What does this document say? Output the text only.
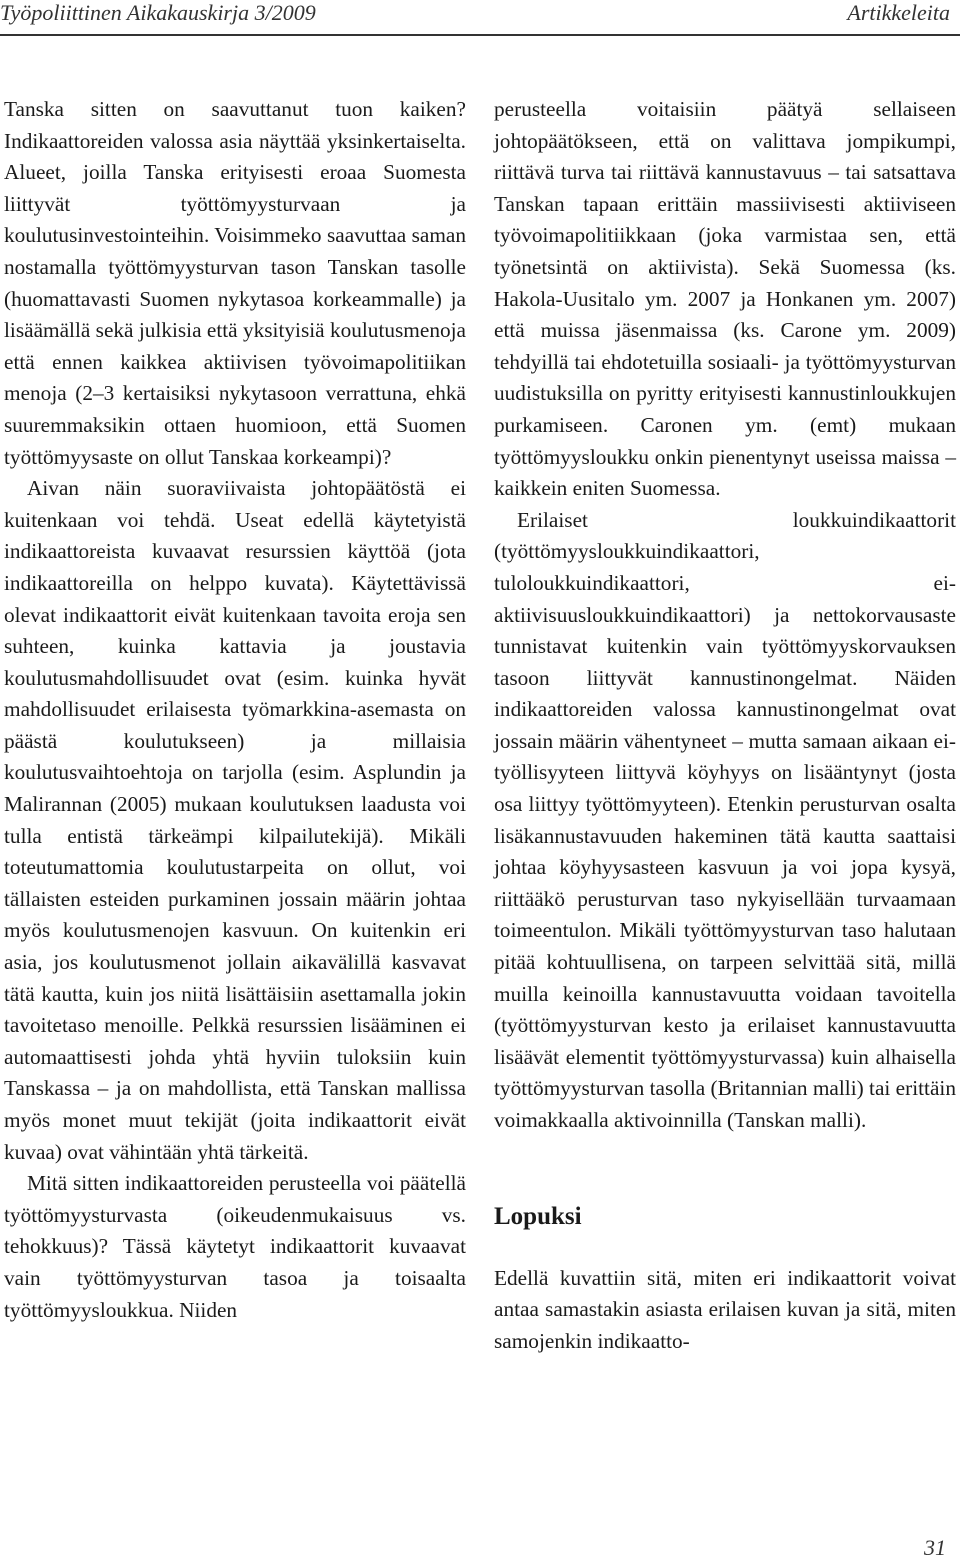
Työpoliittinen Aikakauskirja 3/2009	Artikkeleita

Tanska sitten on saavuttanut tuon kaiken? Indikaattoreiden valossa asia näyttää yksinkertaiselta. Alueet, joilla Tanska erityisesti eroaa Suomesta liittyvät työttömyysturvaan ja koulutusinvestointeihin. Voisimmeko saavuttaa saman nostamalla työttömyysturvan tason Tanskan tasolle (huomattavasti Suomen nykytasoa korkeammalle) ja lisäämällä sekä julkisia että yksityisiä koulutusmenoja että ennen kaikkea aktiivisen työvoimapolitiikan menoja (2–3 kertaisiksi nykytasoon verrattuna, ehkä suuremmaksikin ottaen huomioon, että Suomen työttömyysaste on ollut Tanskaa korkeampi)?

Aivan näin suoraviivaista johtopäätöstä ei kuitenkaan voi tehdä. Useat edellä käytetyistä indikaattoreista kuvaavat resurssien käyttöä (jota indikaattoreilla on helppo kuvata). Käytettävissä olevat indikaattorit eivät kuitenkaan tavoita eroja sen suhteen, kuinka kattavia ja joustavia koulutusmahdollisuudet ovat (esim. kuinka hyvät mahdollisuudet erilaisesta työmarkkina-asemasta on päästä koulutukseen) ja millaisia koulutusvaihtoehtoja on tarjolla (esim. Asplundin ja Malirannan (2005) mukaan koulutuksen laadusta voi tulla entistä tärkeämpi kilpailutekijä). Mikäli toteutumattomia koulutustarpeita on ollut, voi tällaisten esteiden purkaminen jossain määrin johtaa myös koulutusmenojen kasvuun. On kuitenkin eri asia, jos koulutusmenot jollain aikavälillä kasvavat tätä kautta, kuin jos niitä lisättäisiin asettamalla jokin tavoitetaso menoille. Pelkkä resurssien lisääminen ei automaattisesti johda yhtä hyviin tuloksiin kuin Tanskassa – ja on mahdollista, että Tanskan mallissa myös monet muut tekijät (joita indikaattorit eivät kuvaa) ovat vähintään yhtä tärkeitä.

Mitä sitten indikaattoreiden perusteella voi päätellä työttömyysturvasta (oikeudenmukaisuus vs. tehokkuus)? Tässä käytetyt indikaattorit kuvaavat vain työttömyysturvan tasoa ja toisaalta työttömyysloukkua. Niiden

perusteella voitaisiin päätyä sellaiseen johtopäätökseen, että on valittava jompikumpi, riittävä turva tai riittävä kannustavuus – tai satsattava Tanskan tapaan erittäin massiivisesti aktiiviseen työvoimapolitiikkaan (joka varmistaa sen, että työnetsintä on aktiivista). Sekä Suomessa (ks. Hakola-Uusitalo ym. 2007 ja Honkanen ym. 2007) että muissa jäsenmaissa (ks. Carone ym. 2009) tehdyillä tai ehdotetuilla sosiaali- ja työttömyysturvan uudistuksilla on pyritty erityisesti kannustinloukkujen purkamiseen. Caronen ym. (emt) mukaan työttömyysloukku onkin pienentynyt useissa maissa – kaikkein eniten Suomessa.

Erilaiset loukkuindikaattorit (työttömyysloukkuindikaattori, tuloloukkuindikaattori, ei-aktiivisuusloukkuindikaattori) ja nettokorvausaste tunnistavat kuitenkin vain työttömyyskorvauksen tasoon liittyvät kannustinongelmat. Näiden indikaattoreiden valossa kannustinongelmat ovat jossain määrin vähentyneet – mutta samaan aikaan ei-työllisyyteen liittyvä köyhyys on lisääntynyt (josta osa liittyy työttömyyteen). Etenkin perusturvan osalta lisäkannustavuuden hakeminen tätä kautta saattaisi johtaa köyhyysasteen kasvuun ja voi jopa kysyä, riittääkö perusturvan taso nykyisellään turvaamaan toimeentulon. Mikäli työttömyysturvan taso halutaan pitää kohtuullisena, on tarpeen selvittää sitä, millä muilla keinoilla kannustavuutta voidaan tavoitella (työttömyysturvan kesto ja erilaiset kannustavuutta lisäävät elementit työttömyysturvassa) kuin alhaisella työttömyysturvan tasolla (Britannian malli) tai erittäin voimakkaalla aktivoinnilla (Tanskan malli).

Lopuksi

Edellä kuvattiin sitä, miten eri indikaattorit voivat antaa samastakin asiasta erilaisen kuvan ja sitä, miten samojenkin indikaatto-

31
